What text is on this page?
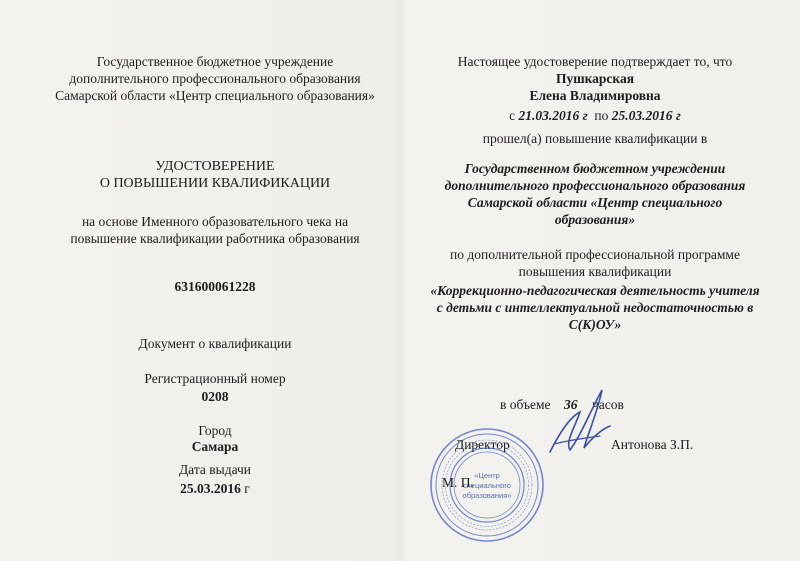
Государственное бюджетное учреждение
дополнительного профессионального образования
Самарской области «Центр специального образования»
УДОСТОВЕРЕНИЕ
О ПОВЫШЕНИИ КВАЛИФИКАЦИИ
на основе Именного образовательного чека на
повышение квалификации работника образования
631600061228
Документ о квалификации
Регистрационный номер
0208
Город
Самара
Дата выдачи
25.03.2016 г
Настоящее удостоверение подтверждает то, что
Пушкарская
Елена Владимировна
с 21.03.2016 г по 25.03.2016 г
прошел(а) повышение квалификации в
Государственном бюджетном учреждении
дополнительного профессионального образования
Самарской области «Центр специального
образования»
по дополнительной профессиональной программе
повышения квалификации
«Коррекционно-педагогическая деятельность учителя
с детьми с интеллектуальной недостаточностью в
С(К)ОУ»
в объеме 36 часов
Директор	Антонова З.П.
«Центр
специального
образования»
М. П.
